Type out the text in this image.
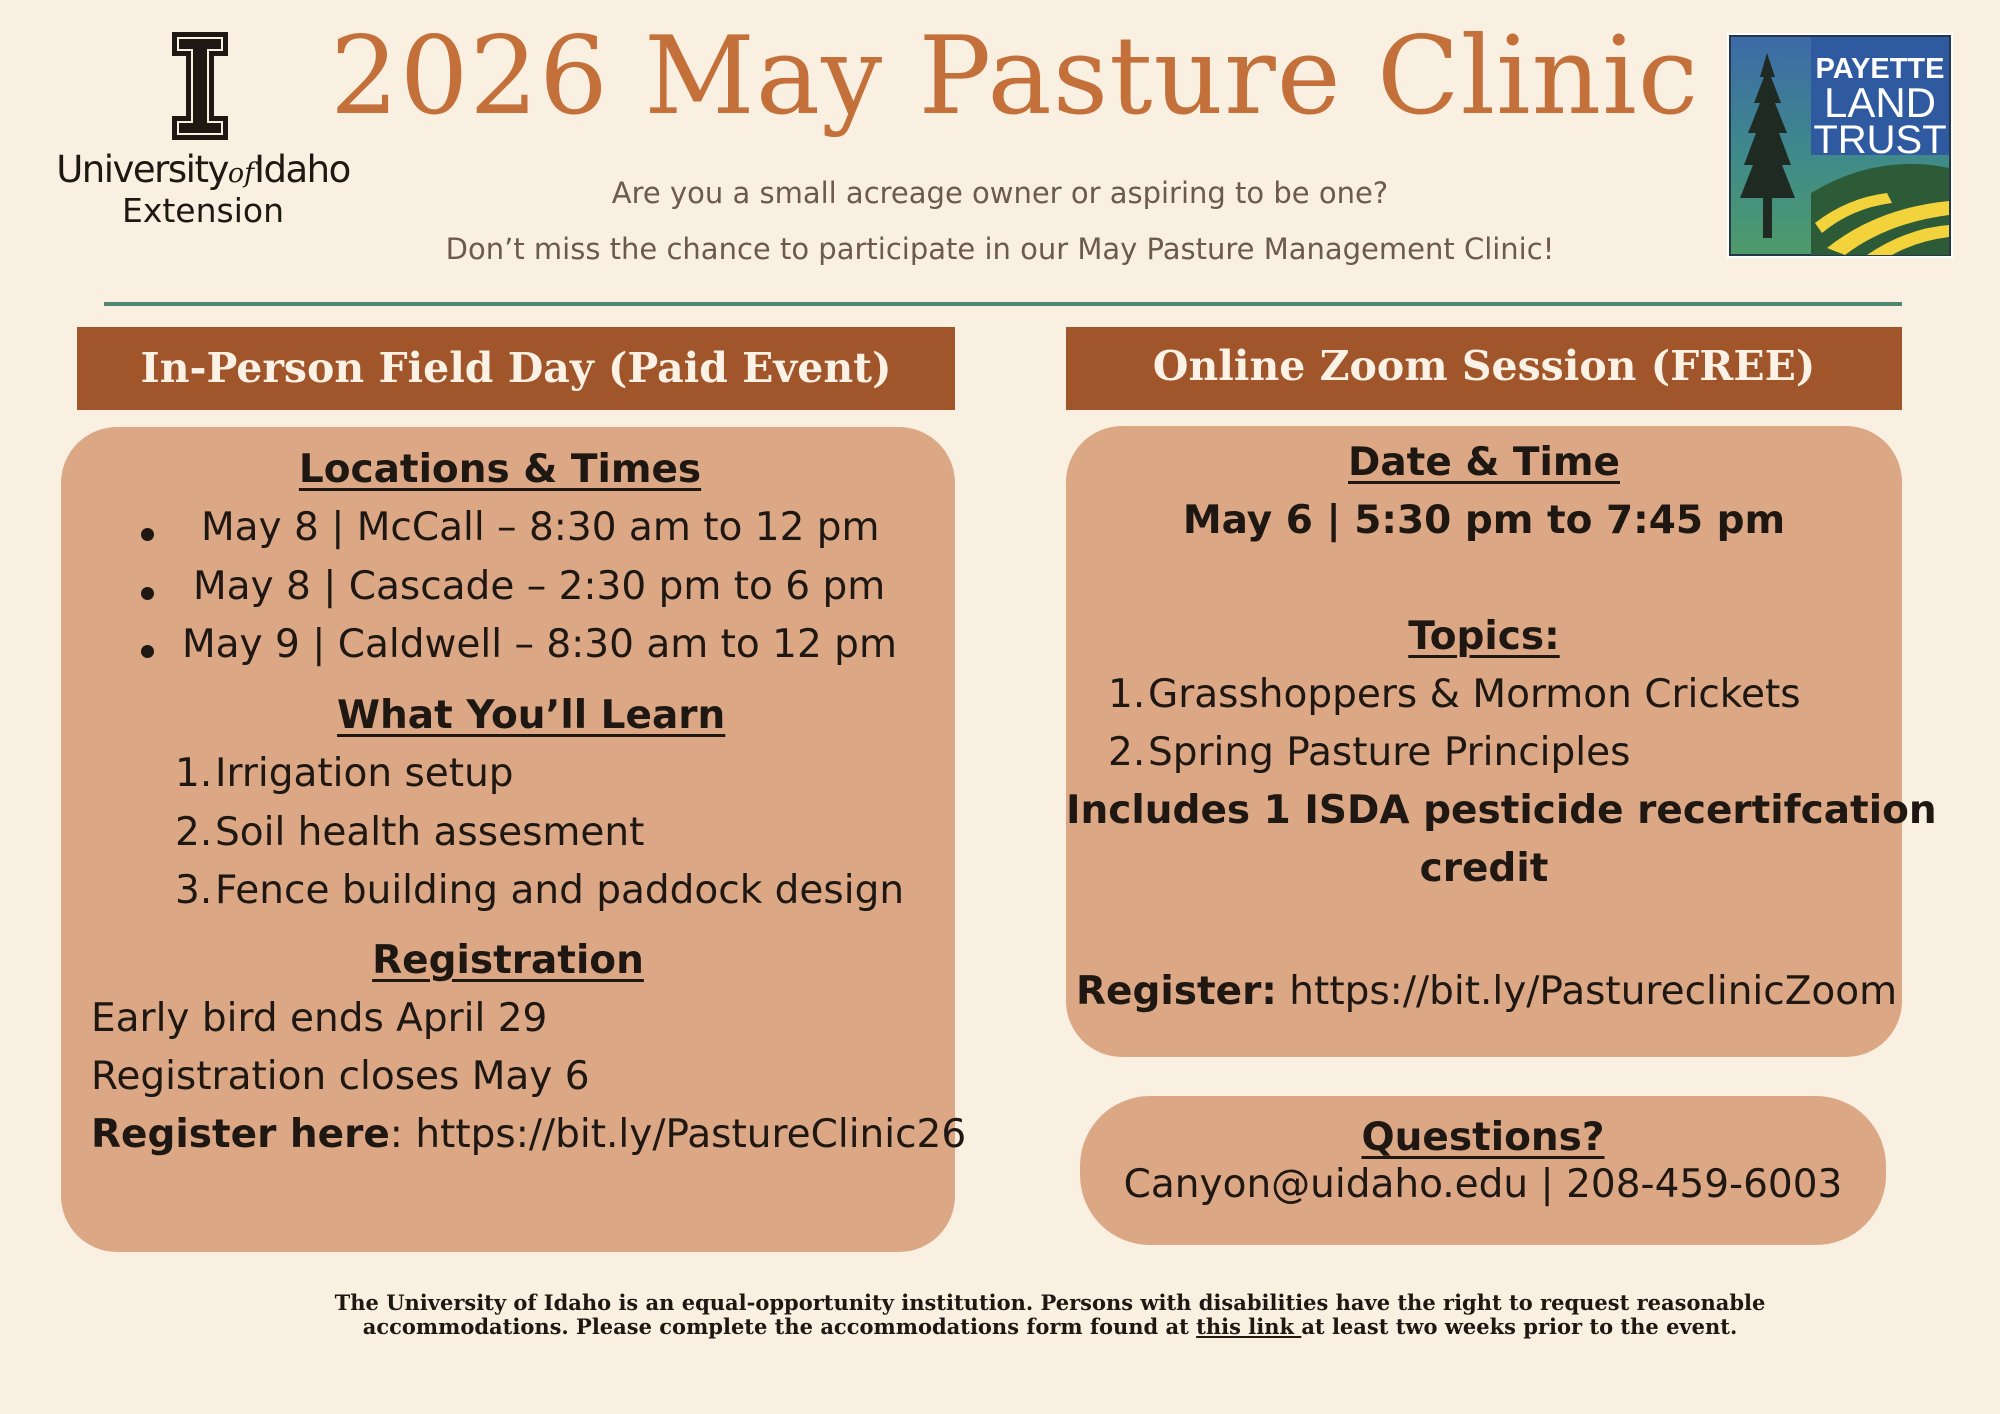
UniversityofIdaho
Extension
2026 May Pasture Clinic
Are you a small acreage owner or aspiring to be one?
Don’t miss the chance to participate in our May Pasture Management Clinic!
PAYETTE
LAND
TRUST
In-Person Field Day (Paid Event)	Online Zoom Session (FREE)
Locations & Times
May 8 | McCall – 8:30 am to 12 pm
May 8 | Cascade – 2:30 pm to 6 pm
May 9 | Caldwell – 8:30 am to 12 pm
What You’ll Learn
1.Irrigation setup
2.Soil health assesment
3.Fence building and paddock design
Registration
Early bird ends April 29
Registration closes May 6
Register here: https://bit.ly/PastureClinic26
Date & Time
May 6 | 5:30 pm to 7:45 pm
Topics:
1.Grasshoppers & Mormon Crickets
2.Spring Pasture Principles
Includes 1 ISDA pesticide recertifcation
credit
Register: https://bit.ly/PastureclinicZoom
Questions?
Canyon@uidaho.edu | 208-459-6003
The University of Idaho is an equal-opportunity institution. Persons with disabilities have the right to request reasonable
accommodations. Please complete the accommodations form found at this link at least two weeks prior to the event.
